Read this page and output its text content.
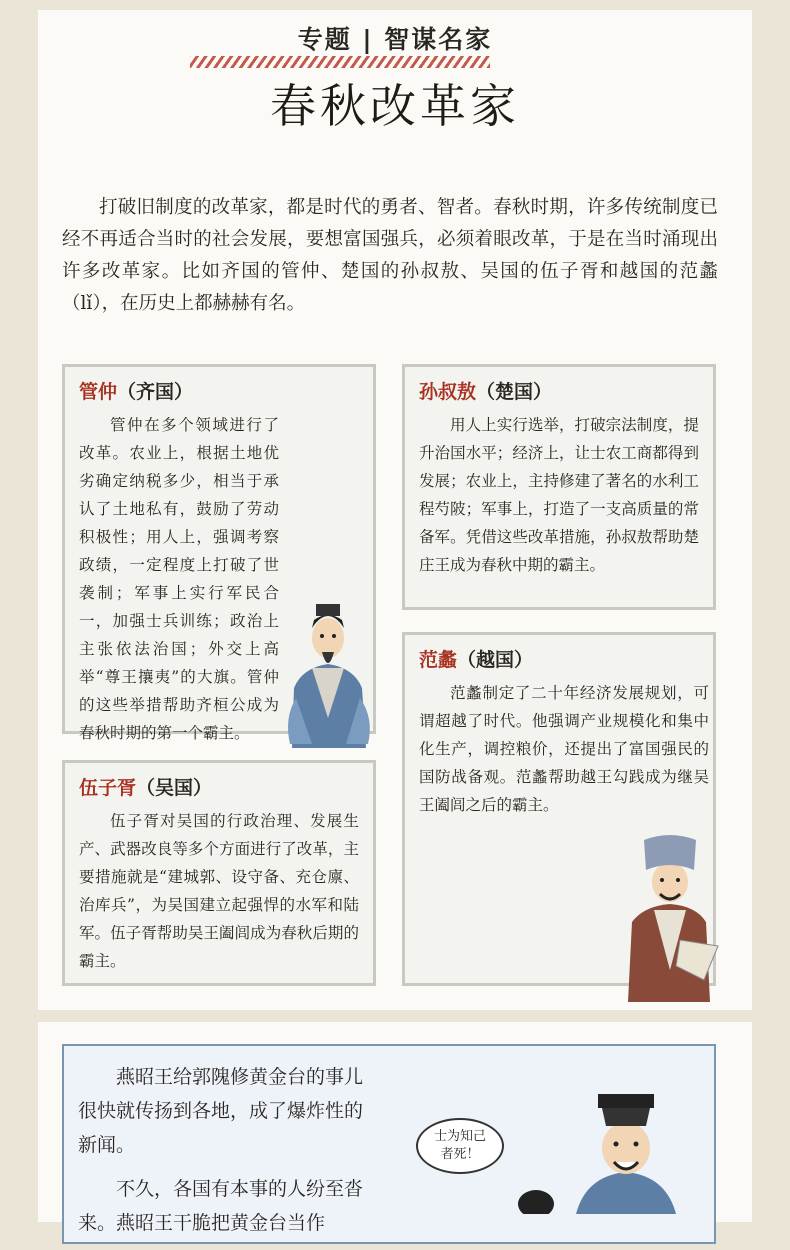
专题 | 智谋名家
春秋改革家
打破旧制度的改革家，都是时代的勇者、智者。春秋时期，许多传统制度已经不再适合当时的社会发展，要想富国强兵，必须着眼改革，于是在当时涌现出许多改革家。比如齐国的管仲、楚国的孙叔敖、吴国的伍子胥和越国的范蠡（lǐ），在历史上都赫赫有名。
管仲（齐国）
管仲在多个领域进行了改革。农业上，根据土地优劣确定纳税多少，相当于承认了土地私有，鼓励了劳动积极性；用人上，强调考察政绩，一定程度上打破了世袭制；军事上实行军民合一，加强士兵训练；政治上主张依法治国；外交上高举“尊王攘夷”的大旗。管仲的这些举措帮助齐桓公成为春秋时期的第一个霸主。
孙叔敖（楚国）
用人上实行选举，打破宗法制度，提升治国水平；经济上，让士农工商都得到发展；农业上，主持修建了著名的水利工程芍陂；军事上，打造了一支高质量的常备军。凭借这些改革措施，孙叔敖帮助楚庄王成为春秋中期的霸主。
范蠡（越国）
范蠡制定了二十年经济发展规划，可谓超越了时代。他强调产业规模化和集中化生产，调控粮价，还提出了富国强民的国防战备观。范蠡帮助越王勾践成为继吴王阖闾之后的霸主。
伍子胥（吴国）
伍子胥对吴国的行政治理、发展生产、武器改良等多个方面进行了改革，主要措施就是“建城郭、设守备、充仓廪、治库兵”，为吴国建立起强悍的水军和陆军。伍子胥帮助吴王阖闾成为春秋后期的霸主。

燕昭王给郭隗修黄金台的事儿很快就传扬到各地，成了爆炸性的新闻。

不久，各国有本事的人纷至沓来。燕昭王干脆把黄金台当作

士为知己
者死！
